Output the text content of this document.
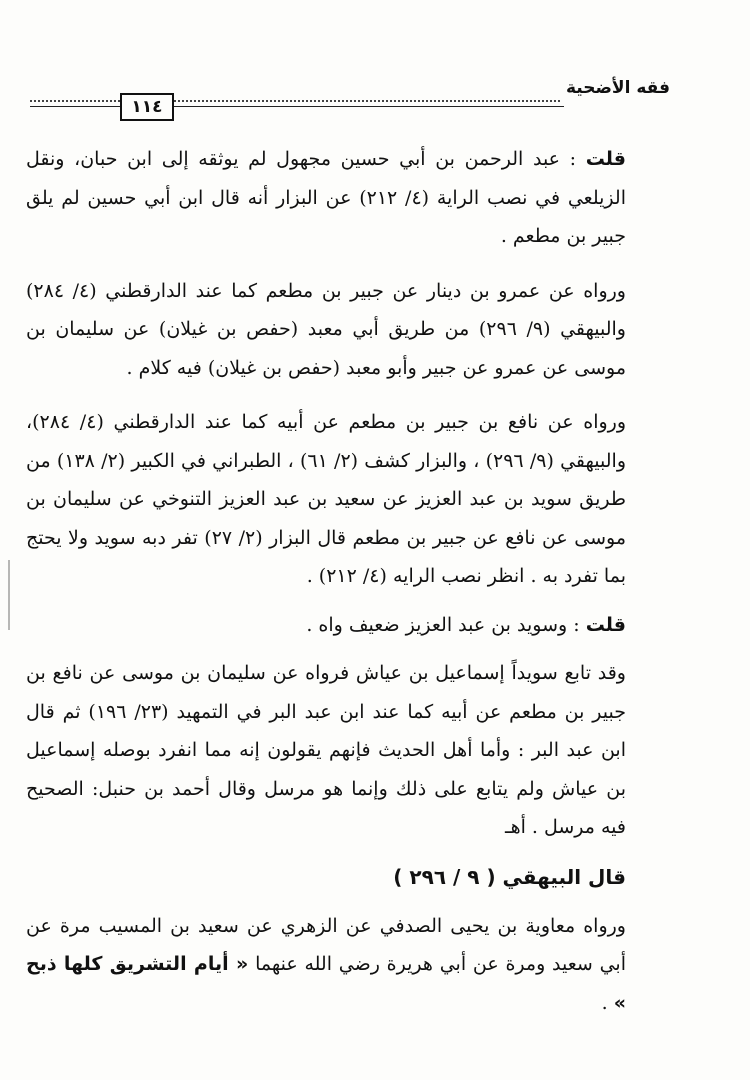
فقه الأضحية
١١٤

قلت : عبد الرحمن بن أبي حسين مجهول لم يوثقه إلى ابن حبان، ونقل الزيلعي في نصب الراية (٤/ ٢١٢) عن البزار أنه قال ابن أبي حسين لم يلق جبير بن مطعم .

ورواه عن عمرو بن دينار عن جبير بن مطعم كما عند الدارقطني (٤/ ٢٨٤) والبيهقي (٩/ ٢٩٦) من طريق أبي معبد (حفص بن غيلان) عن سليمان بن موسى عن عمرو عن جبير وأبو معبد (حفص بن غيلان) فيه كلام .

ورواه عن نافع بن جبير بن مطعم عن أبيه كما عند الدارقطني (٤/ ٢٨٤)، والبيهقي (٩/ ٢٩٦) ، والبزار كشف (٢/ ٦١) ، الطبراني في الكبير (٢/ ١٣٨) من طريق سويد بن عبد العزيز عن سعيد بن عبد العزيز التنوخي عن سليمان بن موسى عن نافع عن جبير بن مطعم قال البزار (٢/ ٢٧) تفر دبه سويد ولا يحتج بما تفرد به . انظر نصب الرايه (٤/ ٢١٢) .

قلت : وسويد بن عبد العزيز ضعيف واه .

وقد تابع سويداً إسماعيل بن عياش فرواه عن سليمان بن موسى عن نافع بن جبير بن مطعم عن أبيه كما عند ابن عبد البر في التمهيد (٢٣/ ١٩٦) ثم قال ابن عبد البر : وأما أهل الحديث فإنهم يقولون إنه مما انفرد بوصله إسماعيل بن عياش ولم يتابع على ذلك وإنما هو مرسل وقال أحمد بن حنبل: الصحيح فيه مرسل . أهـ

قال البيهقي ( ٩ / ٢٩٦ )

ورواه معاوية بن يحيى الصدفي عن الزهري عن سعيد بن المسيب مرة عن أبي سعيد ومرة عن أبي هريرة رضي الله عنهما « أيام التشريق كلها ذبح » .
